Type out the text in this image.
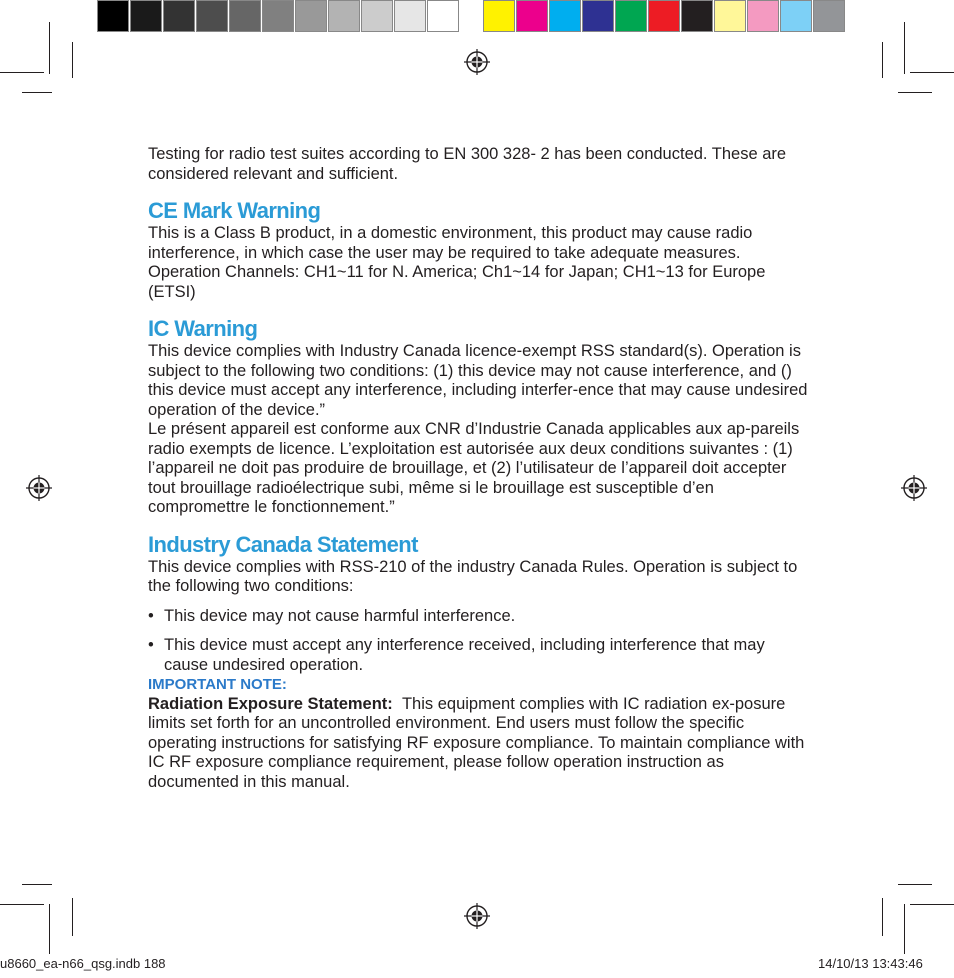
Testing for radio test suites according to EN 300 328- 2 has been conducted. These are considered relevant and sufficient.

CE Mark Warning

This is a Class B product, in a domestic environment, this product may cause radio interference, in which case the user may be required to take adequate measures. Operation Channels: CH1~11 for N. America; Ch1~14 for Japan; CH1~13 for Europe (ETSI)

IC Warning

This device complies with Industry Canada licence-exempt RSS standard(s). Operation is subject to the following two conditions: (1) this device may not cause interference, and () this device must accept any interference, including interfer-ence that may cause undesired operation of the device.”

Le présent appareil est conforme aux CNR d’Industrie Canada applicables aux ap-pareils radio exempts de licence. L’exploitation est autorisée aux deux conditions suivantes : (1) l’appareil ne doit pas produire de brouillage, et (2) l’utilisateur de l’appareil doit accepter tout brouillage radioélectrique subi, même si le brouillage est susceptible d’en compromettre le fonctionnement.”

Industry Canada Statement

This device complies with RSS-210 of the industry Canada Rules. Operation is subject to the following two conditions:

• This device may not cause harmful interference.
• This device must accept any interference received, including interference that may cause undesired operation.

IMPORTANT NOTE:

Radiation Exposure Statement: This equipment complies with IC radiation ex-posure limits set forth for an uncontrolled environment. End users must follow the specific operating instructions for satisfying RF exposure compliance. To maintain compliance with IC RF exposure compliance requirement, please follow operation instruction as documented in this manual.

u8660_ea-n66_qsg.indb 188	14/10/13 13:43:46
